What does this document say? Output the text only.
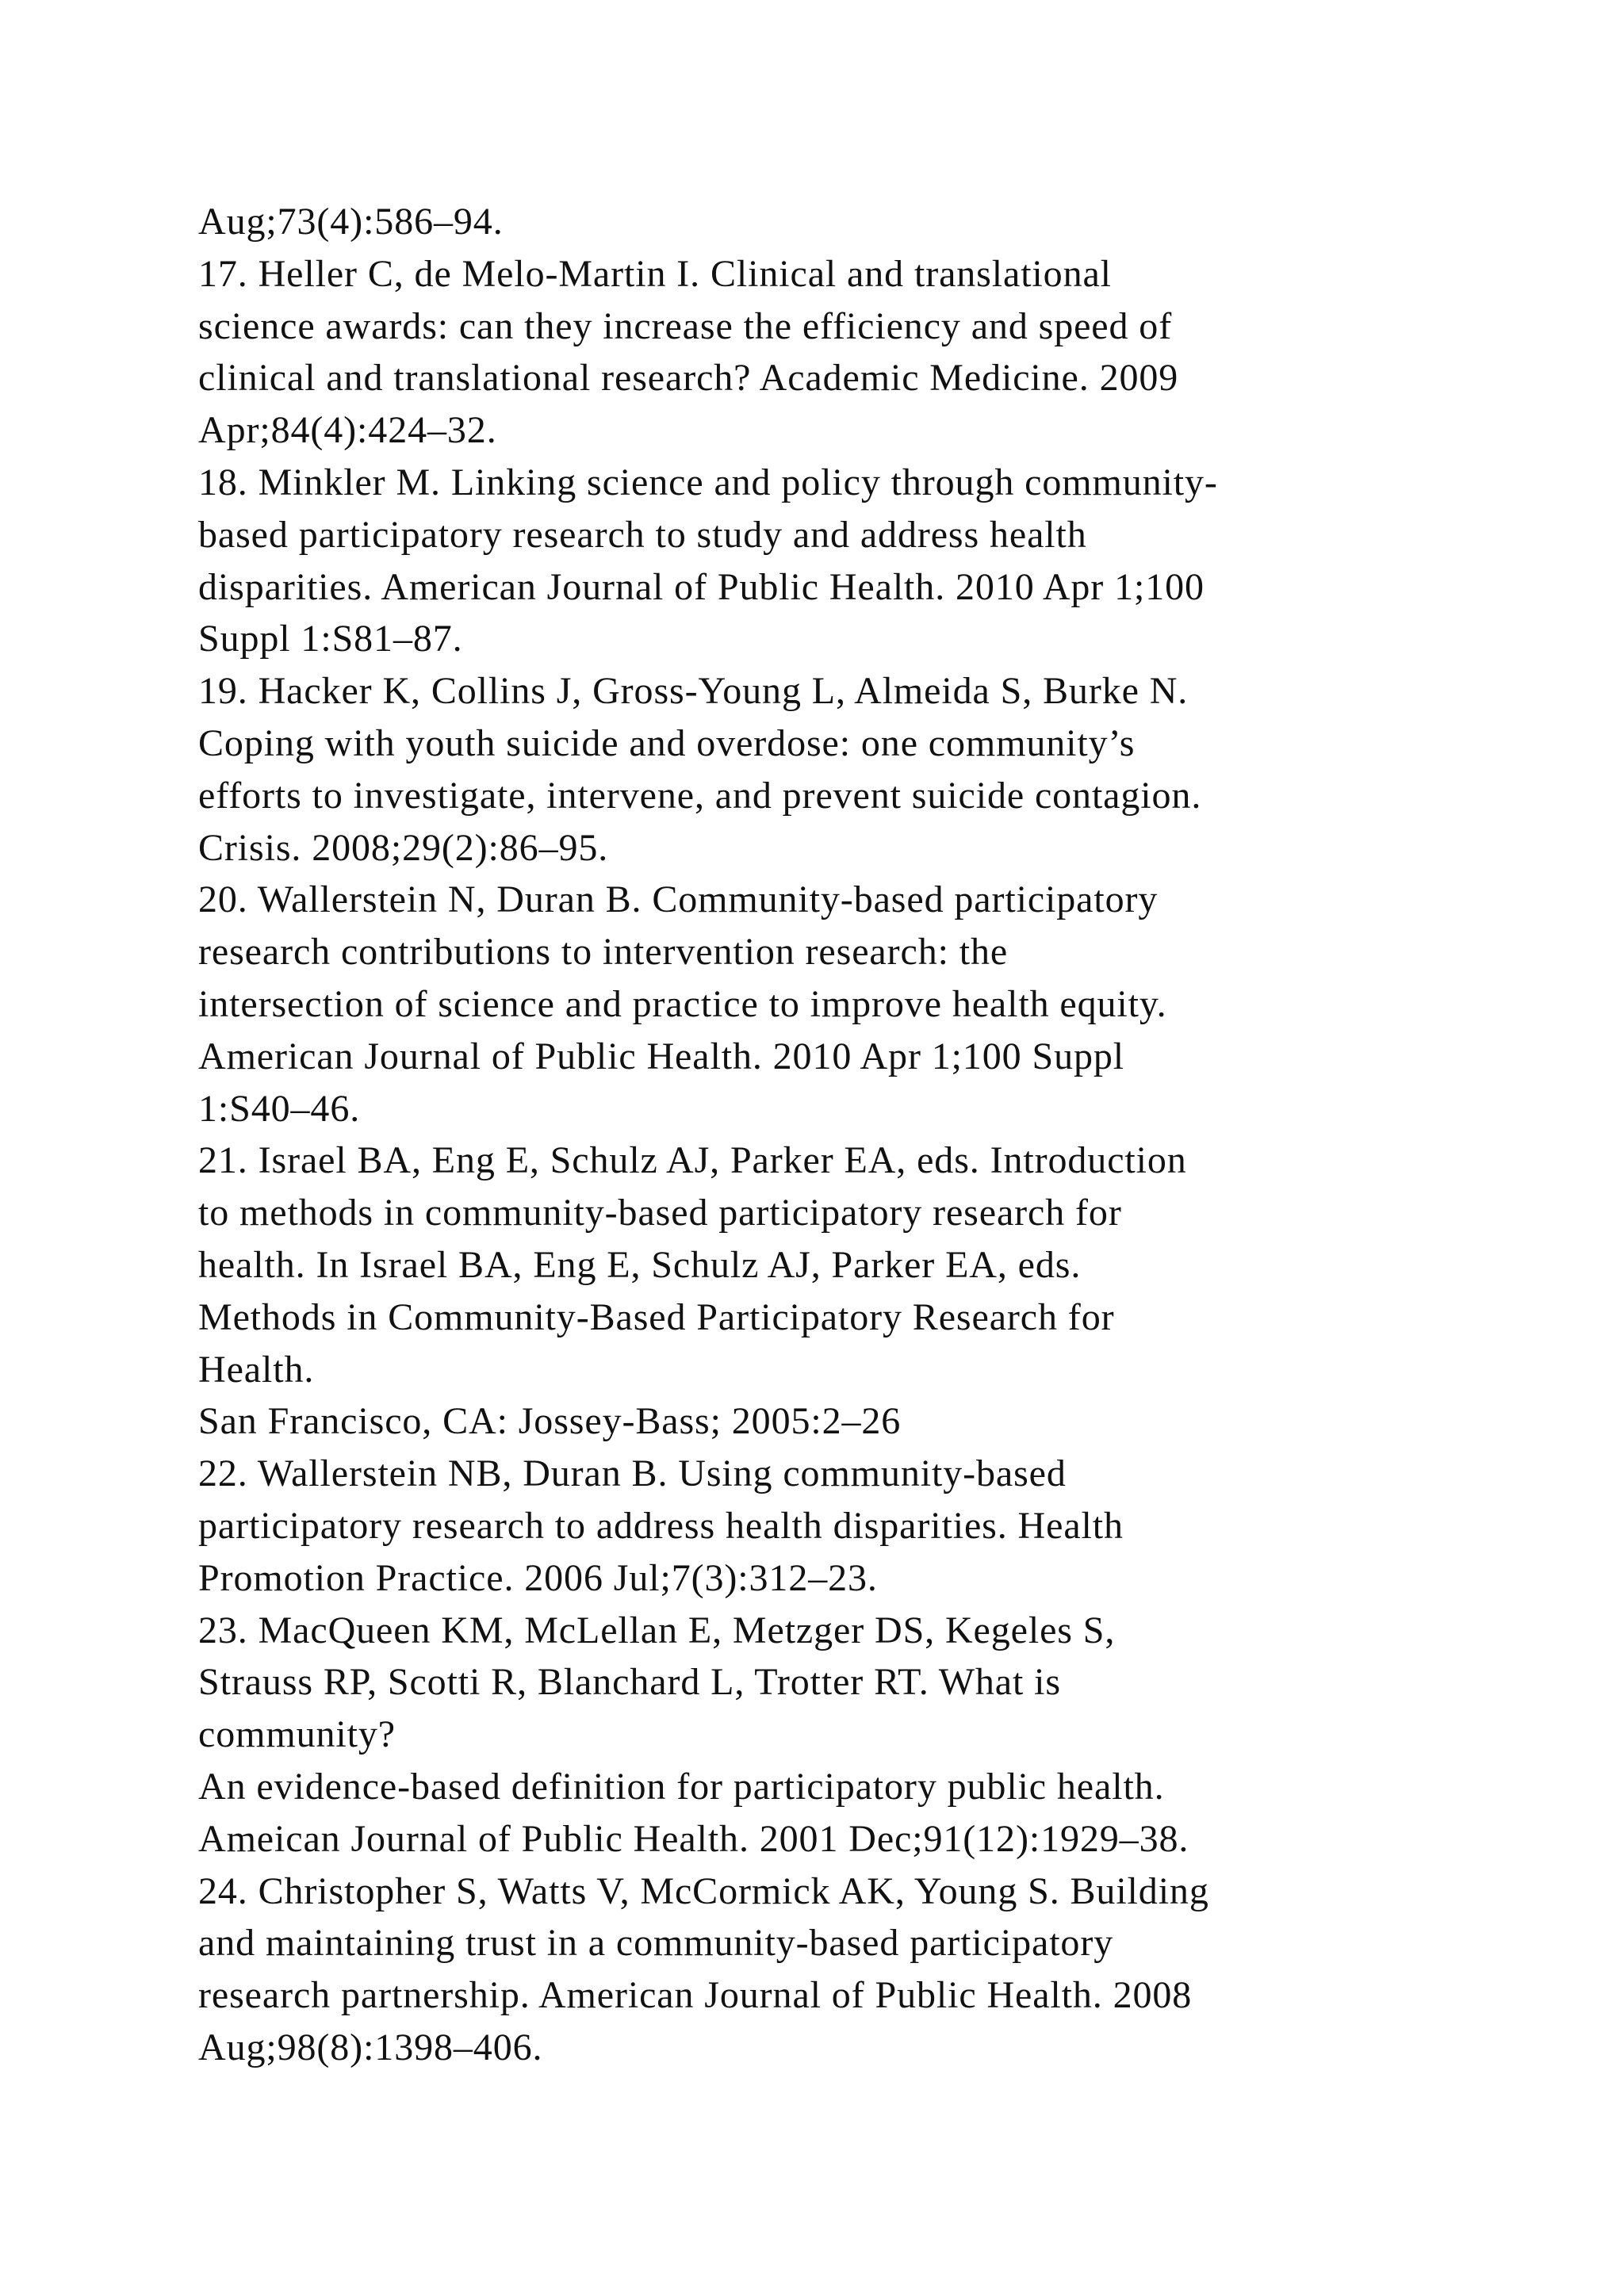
Aug;73(4):586–94.
17. Heller C, de Melo-Martin I. Clinical and translational
science awards: can they increase the efficiency and speed of
clinical and translational research? Academic Medicine. 2009
Apr;84(4):424–32.
18. Minkler M. Linking science and policy through community-
based participatory research to study and address health
disparities. American Journal of Public Health. 2010 Apr 1;100
Suppl 1:S81–87.
19. Hacker K, Collins J, Gross-Young L, Almeida S, Burke N.
Coping with youth suicide and overdose: one community’s
efforts to investigate, intervene, and prevent suicide contagion.
Crisis. 2008;29(2):86–95.
20. Wallerstein N, Duran B. Community-based participatory
research contributions to intervention research: the
intersection of science and practice to improve health equity.
American Journal of Public Health. 2010 Apr 1;100 Suppl
1:S40–46.
21. Israel BA, Eng E, Schulz AJ, Parker EA, eds. Introduction
to methods in community-based participatory research for
health. In Israel BA, Eng E, Schulz AJ, Parker EA, eds.
Methods in Community-Based Participatory Research for
Health.
San Francisco, CA: Jossey-Bass; 2005:2–26
22. Wallerstein NB, Duran B. Using community-based
participatory research to address health disparities. Health
Promotion Practice. 2006 Jul;7(3):312–23.
23. MacQueen KM, McLellan E, Metzger DS, Kegeles S,
Strauss RP, Scotti R, Blanchard L, Trotter RT. What is
community?
An evidence-based definition for participatory public health.
Ameican Journal of Public Health. 2001 Dec;91(12):1929–38.
24. Christopher S, Watts V, McCormick AK, Young S. Building
and maintaining trust in a community-based participatory
research partnership. American Journal of Public Health. 2008
Aug;98(8):1398–406.
